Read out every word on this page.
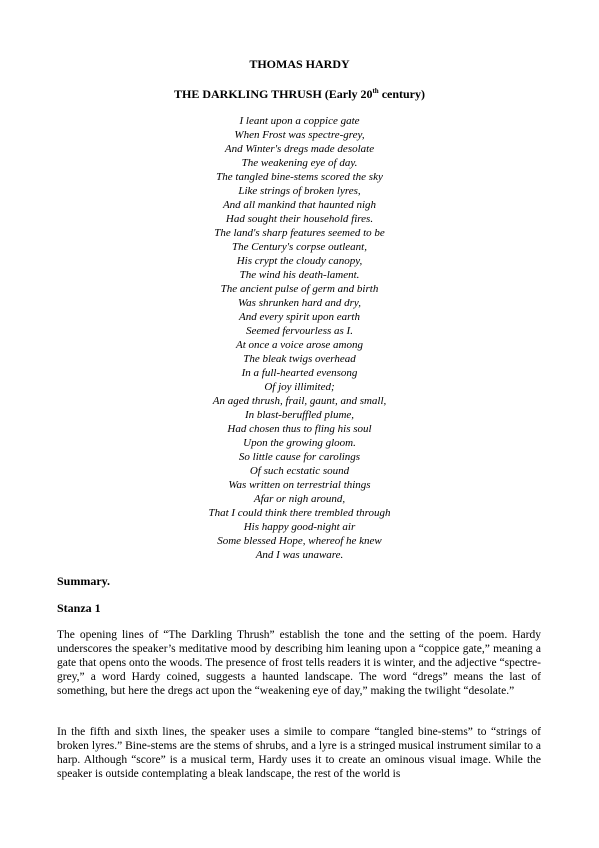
THOMAS HARDY
THE DARKLING THRUSH (Early 20th century)
I leant upon a coppice gate
When Frost was spectre-grey,
And Winter's dregs made desolate
The weakening eye of day.
The tangled bine-stems scored the sky
Like strings of broken lyres,
And all mankind that haunted nigh
Had sought their household fires.
The land's sharp features seemed to be
The Century's corpse outleant,
His crypt the cloudy canopy,
The wind his death-lament.
The ancient pulse of germ and birth
Was shrunken hard and dry,
And every spirit upon earth
Seemed fervourless as I.
At once a voice arose among
The bleak twigs overhead
In a full-hearted evensong
Of joy illimited;
An aged thrush, frail, gaunt, and small,
In blast-beruffled plume,
Had chosen thus to fling his soul
Upon the growing gloom.
So little cause for carolings
Of such ecstatic sound
Was written on terrestrial things
Afar or nigh around,
That I could think there trembled through
His happy good-night air
Some blessed Hope, whereof he knew
And I was unaware.
Summary.
Stanza 1

The opening lines of “The Darkling Thrush” establish the tone and the setting of the poem. Hardy underscores the speaker’s meditative mood by describing him leaning upon a “coppice gate,” meaning a gate that opens onto the woods. The presence of frost tells readers it is winter, and the adjective “spectre-grey,” a word Hardy coined, suggests a haunted landscape. The word “dregs” means the last of something, but here the dregs act upon the “weakening eye of day,” making the twilight “desolate.”

In the fifth and sixth lines, the speaker uses a simile to compare “tangled bine-stems” to “strings of broken lyres.” Bine-stems are the stems of shrubs, and a lyre is a stringed musical instrument similar to a harp. Although “score” is a musical term, Hardy uses it to create an ominous visual image. While the speaker is outside contemplating a bleak landscape, the rest of the world is
